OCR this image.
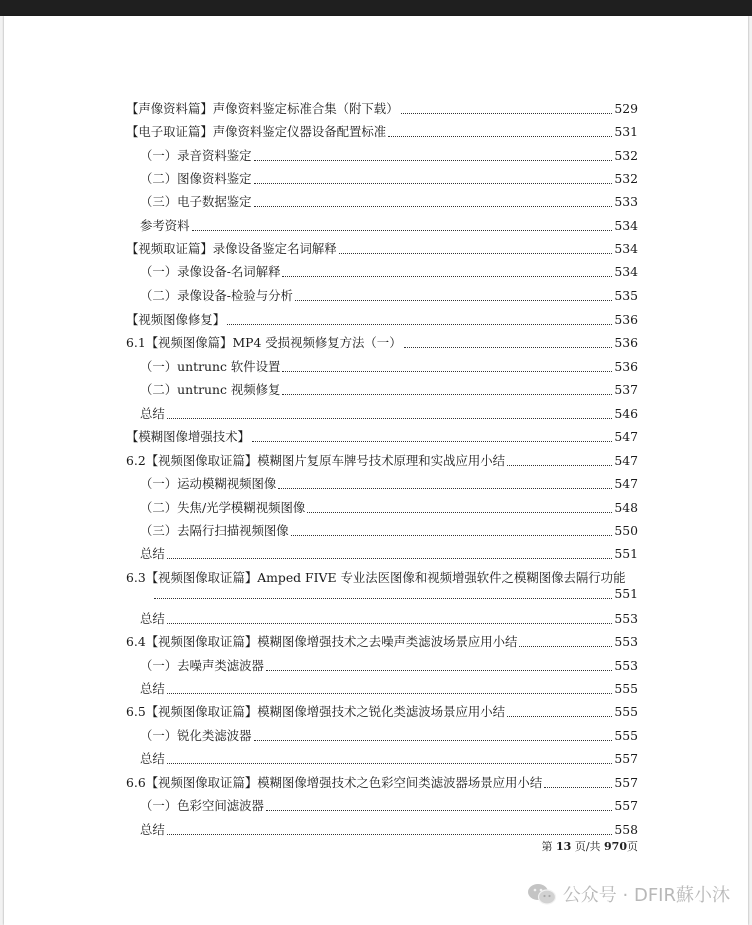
【声像资料篇】声像资料鉴定标准合集（附下载）	529
【电子取证篇】声像资料鉴定仪器设备配置标准	531
（一）录音资料鉴定	532
（二）图像资料鉴定	532
（三）电子数据鉴定	533
参考资料	534
【视频取证篇】录像设备鉴定名词解释	534
（一）录像设备-名词解释	534
（二）录像设备-检验与分析	535
【视频图像修复】	536
6.1【视频图像篇】MP4 受损视频修复方法（一）	536
（一）untrunc 软件设置	536
（二）untrunc 视频修复	537
总结	546
【模糊图像增强技术】	547
6.2【视频图像取证篇】模糊图片复原车牌号技术原理和实战应用小结	547
（一）运动模糊视频图像	547
（二）失焦/光学模糊视频图像	548
（三）去隔行扫描视频图像	550
总结	551
6.3【视频图像取证篇】Amped FIVE 专业法医图像和视频增强软件之模糊图像去隔行功能
551
总结	553
6.4【视频图像取证篇】模糊图像增强技术之去噪声类滤波场景应用小结	553
（一）去噪声类滤波器	553
总结	555
6.5【视频图像取证篇】模糊图像增强技术之锐化类滤波场景应用小结	555
（一）锐化类滤波器	555
总结	557
6.6【视频图像取证篇】模糊图像增强技术之色彩空间类滤波器场景应用小结	557
（一）色彩空间滤波器	557
总结	558
第 13 页/共 970页
公众号 · DFIR蘇小沐
